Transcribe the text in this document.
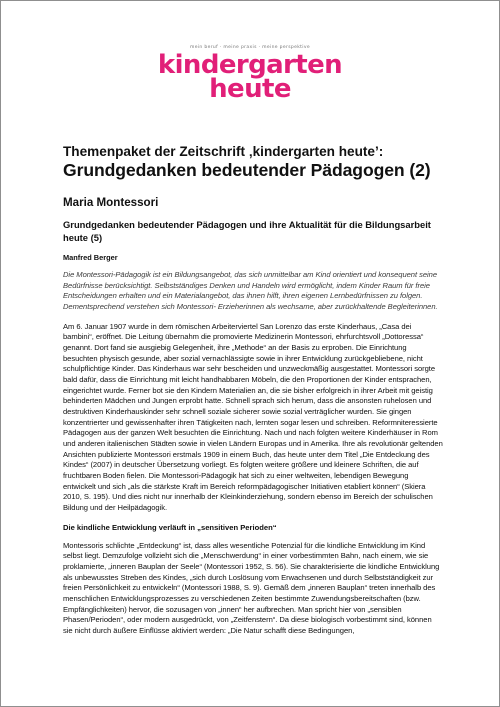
mein beruf · meine praxis · meine perspektive
kindergarten
heute
Themenpaket der Zeitschrift ‚kindergarten heute’:
Grundgedanken bedeutender Pädagogen (2)
Maria Montessori
Grundgedanken bedeutender Pädagogen und ihre Aktualität für die Bildungsarbeit heute (5)
Manfred Berger

Die Montessori-Pädagogik ist ein Bildungsangebot, das sich unmittelbar am Kind orientiert und konsequent seine Bedürfnisse berücksichtigt. Selbstständiges Denken und Handeln wird ermöglicht, indem Kinder Raum für freie Entscheidungen erhalten und ein Materialangebot, das ihnen hilft, ihren eigenen Lernbedürfnissen zu folgen. Dementsprechend verstehen sich Montessori- Erzieherinnen als wechsame, aber zurückhaltende Begleiterinnen.

Am 6. Januar 1907 wurde in dem römischen Arbeiterviertel San Lorenzo das erste Kinderhaus, „Casa dei bambini“, eröffnet. Die Leitung übernahm die promovierte Medizinerin Montessori, ehrfurchtsvoll „Dottoressa“ genannt. Dort fand sie ausgiebig Gelegenheit, ihre „Methode“ an der Basis zu erproben. Die Einrichtung besuchten physisch gesunde, aber sozial vernachlässigte sowie in ihrer Entwicklung zurückgebliebene, nicht schulpflichtige Kinder. Das Kinderhaus war sehr bescheiden und unzweckmäßig ausgestattet. Montessori sorgte bald dafür, dass die Einrichtung mit leicht handhabbaren Möbeln, die den Proportionen der Kinder entsprachen, eingerichtet wurde. Ferner bot sie den Kindern Materialien an, die sie bisher erfolgreich in ihrer Arbeit mit geistig behinderten Mädchen und Jungen erprobt hatte. Schnell sprach sich herum, dass die ansonsten ruhelosen und destruktiven Kinderhauskinder sehr schnell soziale sicherer sowie sozial verträglicher wurden. Sie gingen konzentrierter und gewissenhafter ihren Tätigkeiten nach, lernten sogar lesen und schreiben. Reformniteressierte Pädagogen aus der ganzen Welt besuchten die Einrichtung. Nach und nach folgten weitere Kinderhäuser in Rom und anderen italienischen Städten sowie in vielen Ländern Europas und in Amerika. Ihre als revolutionär geltenden Ansichten publizierte Montessori erstmals 1909 in einem Buch, das heute unter dem Titel „Die Entdeckung des Kindes“ (2007) in deutscher Übersetzung vorliegt. Es folgten weitere größere und kleinere Schriften, die auf fruchtbaren Boden fielen. Die Montessori-Pädagogik hat sich zu einer weltweiten, lebendigen Bewegung entwickelt und sich „als die stärkste Kraft im Bereich reformpädagogischer Initiativen etabliert können“ (Skiera 2010, S. 195). Und dies nicht nur innerhalb der Kleinkinderziehung, sondern ebenso im Bereich der schulischen Bildung und der Heilpädagogik.

Die kindliche Entwicklung verläuft in „sensitiven Perioden“

Montessoris schlichte „Entdeckung“ ist, dass alles wesentliche Potenzial für die kindliche Entwicklung im Kind selbst liegt. Demzufolge vollzieht sich die „Menschwerdung“ in einer vorbestimmten Bahn, nach einem, wie sie proklamierte, „inneren Bauplan der Seele“ (Montessori 1952, S. 56). Sie charakterisierte die kindliche Entwicklung als unbewusstes Streben des Kindes, „sich durch Loslösung vom Erwachsenen und durch Selbstständigkeit zur freien Persönlichkeit zu entwickeln“ (Montessori 1988, S. 9). Gemäß dem „inneren Bauplan“ treten innerhalb des menschlichen Entwicklungsprozesses zu verschiedenen Zeiten bestimmte Zuwendungsbereitschaften (bzw. Empfänglichkeiten) hervor, die sozusagen von „innen“ her aufbrechen. Man spricht hier von „sensiblen Phasen/Perioden“, oder modern ausgedrückt, von „Zeitfenstern“. Da diese biologisch vorbestimmt sind, können sie nicht durch äußere Einflüsse aktiviert werden: „Die Natur schafft diese Bedingungen,
